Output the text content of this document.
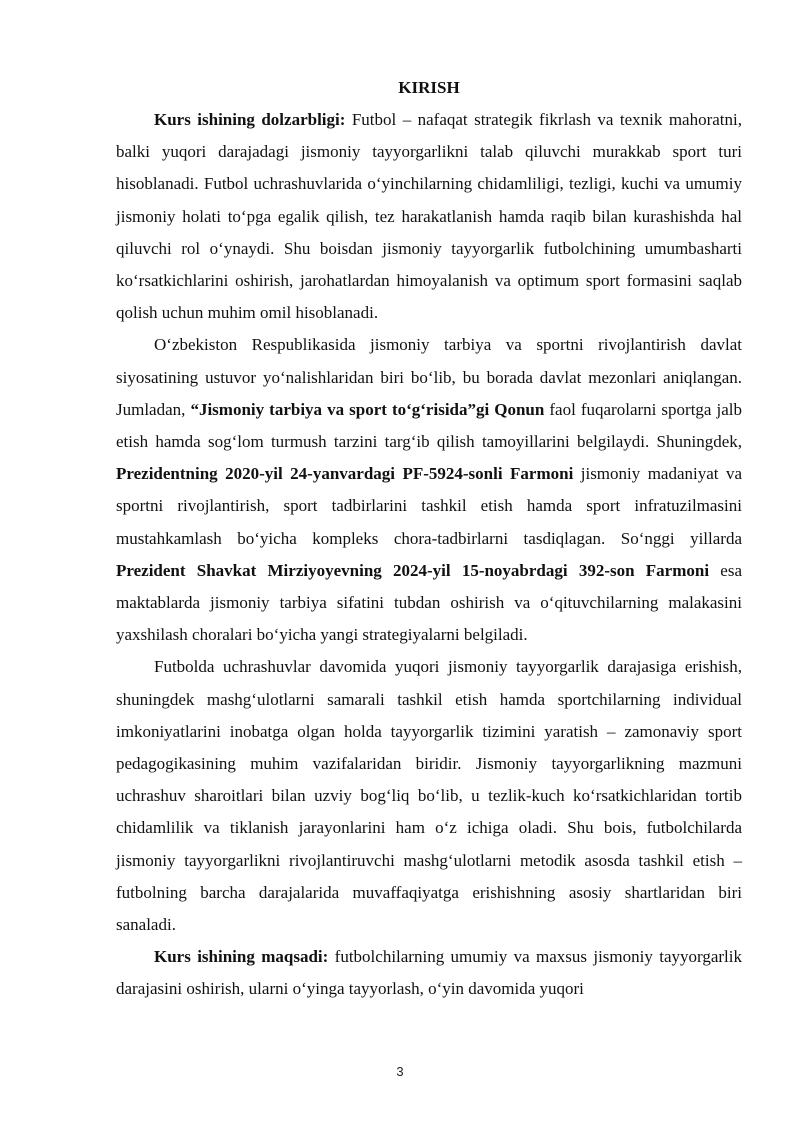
KIRISH

Kurs ishining dolzarbligi: Futbol – nafaqat strategik fikrlash va texnik mahoratni, balki yuqori darajadagi jismoniy tayyorgarlikni talab qiluvchi murakkab sport turi hisoblanadi. Futbol uchrashuvlarida o‘yinchilarning chidamliligi, tezligi, kuchi va umumiy jismoniy holati to‘pga egalik qilish, tez harakatlanish hamda raqib bilan kurashishda hal qiluvchi rol o‘ynaydi. Shu boisdan jismoniy tayyorgarlik futbolchining umumbasharti ko‘rsatkichlarini oshirish, jarohatlardan himoyalanish va optimum sport formasini saqlab qolish uchun muhim omil hisoblanadi.

O‘zbekiston Respublikasida jismoniy tarbiya va sportni rivojlantirish davlat siyosatining ustuvor yo‘nalishlaridan biri bo‘lib, bu borada davlat mezonlari aniqlangan. Jumladan, “Jismoniy tarbiya va sport to‘g‘risida”gi Qonun faol fuqarolarni sportga jalb etish hamda sog‘lom turmush tarzini targ‘ib qilish tamoyillarini belgilaydi. Shuningdek, Prezidentning 2020-yil 24-yanvardagi PF-5924-sonli Farmoni jismoniy madaniyat va sportni rivojlantirish, sport tadbirlarini tashkil etish hamda sport infratuzilmasini mustahkamlash bo‘yicha kompleks chora-tadbirlarni tasdiqlagan. So‘nggi yillarda Prezident Shavkat Mirziyoyevning 2024-yil 15-noyabrdagi 392-son Farmoni esa maktablarda jismoniy tarbiya sifatini tubdan oshirish va o‘qituvchilarning malakasini yaxshilash choralari bo‘yicha yangi strategiyalarni belgiladi.

Futbolda uchrashuvlar davomida yuqori jismoniy tayyorgarlik darajasiga erishish, shuningdek mashg‘ulotlarni samarali tashkil etish hamda sportchilarning individual imkoniyatlarini inobatga olgan holda tayyorgarlik tizimini yaratish – zamonaviy sport pedagogikasining muhim vazifalaridan biridir. Jismoniy tayyorgarlikning mazmuni uchrashuv sharoitlari bilan uzviy bog‘liq bo‘lib, u tezlik-kuch ko‘rsatkichlaridan tortib chidamlilik va tiklanish jarayonlarini ham o‘z ichiga oladi. Shu bois, futbolchilarda jismoniy tayyorgarlikni rivojlantiruvchi mashg‘ulotlarni metodik asosda tashkil etish – futbolning barcha darajalarida muvaffaqiyatga erishishning asosiy shartlaridan biri sanaladi.

Kurs ishining maqsadi: futbolchilarning umumiy va maxsus jismoniy tayyorgarlik darajasini oshirish, ularni o‘yinga tayyorlash, o‘yin davomida yuqori

3
